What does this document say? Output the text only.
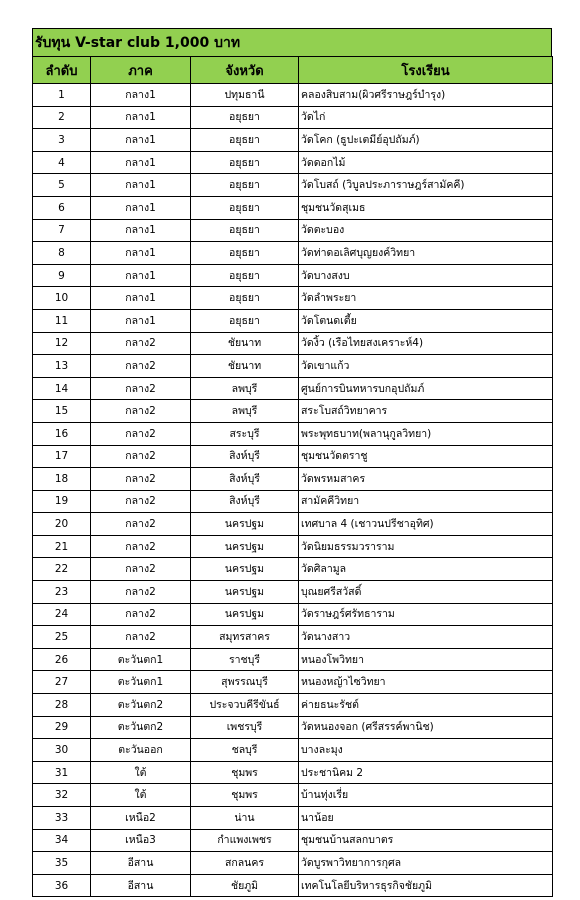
รับทุน V-star club 1,000 บาท
ลำดับ	ภาค	จังหวัด	โรงเรียน
1	กลาง1	ปทุมธานี	คลองสิบสาม(ผิวศรีราษฎร์บำรุง)
2	กลาง1	อยุธยา	วัดไก่
3	กลาง1	อยุธยา	วัดโคก (ธูปะเตมีย์อุปถัมภ์)
4	กลาง1	อยุธยา	วัดดอกไม้
5	กลาง1	อยุธยา	วัดโบสถ์ (วิบูลประภาราษฎร์สามัคคี)
6	กลาง1	อยุธยา	ชุมชนวัดสุเมธ
7	กลาง1	อยุธยา	วัดตะบอง
8	กลาง1	อยุธยา	วัดท่าดอเลิศบุญยงค์วิทยา
9	กลาง1	อยุธยา	วัดบางสงบ
10	กลาง1	อยุธยา	วัดลำพระยา
11	กลาง1	อยุธยา	วัดโตนดเตี้ย
12	กลาง2	ชัยนาท	วัดงิ้ว (เรือไทยสงเคราะห์4)
13	กลาง2	ชัยนาท	วัดเขาแก้ว
14	กลาง2	ลพบุรี	ศูนย์การบินทหารบกอุปถัมภ์
15	กลาง2	ลพบุรี	สระโบสถ์วิทยาคาร
16	กลาง2	สระบุรี	พระพุทธบาท(พลานุกูลวิทยา)
17	กลาง2	สิงห์บุรี	ชุมชนวัดตราชู
18	กลาง2	สิงห์บุรี	วัดพรหมสาคร
19	กลาง2	สิงห์บุรี	สามัคคีวิทยา
20	กลาง2	นครปฐม	เทศบาล 4 (เชาวนปรีชาอุทิศ)
21	กลาง2	นครปฐม	วัดนิยมธรรมวราราม
22	กลาง2	นครปฐม	วัดศิลามูล
23	กลาง2	นครปฐม	บุณยศรีสวัสดิ์
24	กลาง2	นครปฐม	วัดราษฎร์ศรัทธาราม
25	กลาง2	สมุทรสาคร	วัดนางสาว
26	ตะวันตก1	ราชบุรี	หนองโพวิทยา
27	ตะวันตก1	สุพรรณบุรี	หนองหญ้าไซวิทยา
28	ตะวันตก2	ประจวบคีรีขันธ์	ค่ายธนะรัชต์
29	ตะวันตก2	เพชรบุรี	วัดหนองจอก (ศรีสรรค์พานิช)
30	ตะวันออก	ชลบุรี	บางละมุง
31	ใต้	ชุมพร	ประชานิคม 2
32	ใต้	ชุมพร	บ้านทุ่งเรี่ย
33	เหนือ2	น่าน	นาน้อย
34	เหนือ3	กำแพงเพชร	ชุมชนบ้านสลกบาตร
35	อีสาน	สกลนคร	วัดบูรพาวิทยาการกุศล
36	อีสาน	ชัยภูมิ	เทคโนโลยีบริหารธุรกิจชัยภูมิ
